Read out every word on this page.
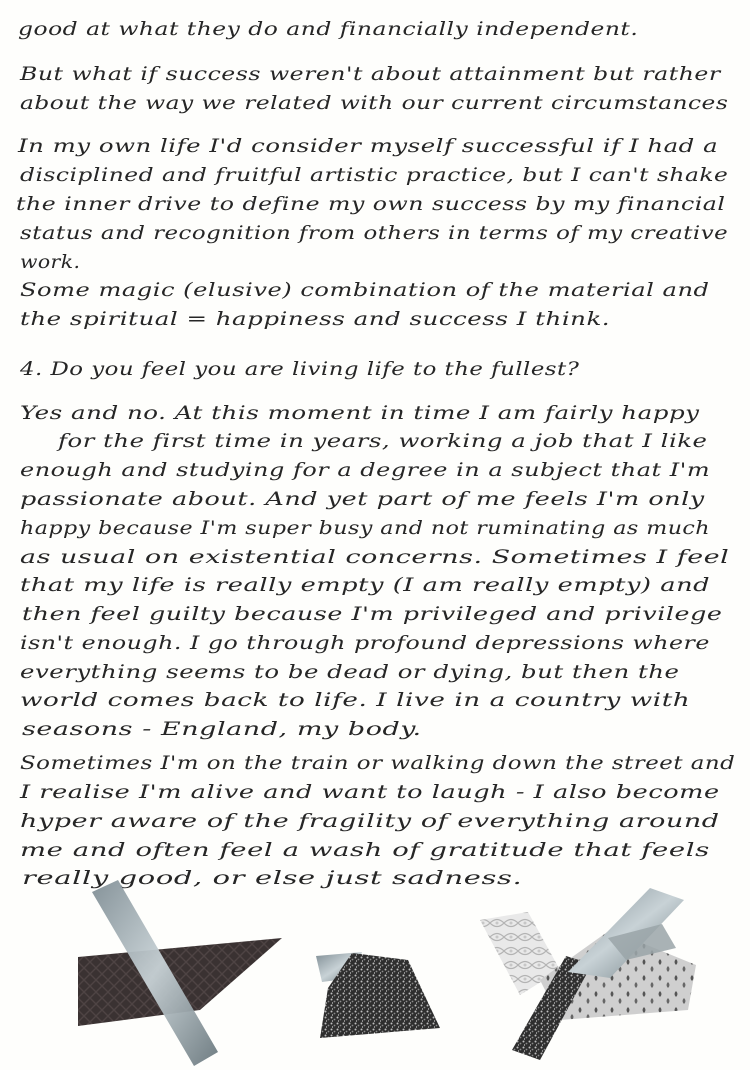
good at what they do and financially independent.
But what if success weren't about attainment but rather
about the way we related with our current circumstances
In my own life I'd consider myself successful if I had a
disciplined and fruitful artistic practice, but I can't shake
the inner drive to define my own success by my financial
status and recognition from others in terms of my creative
work.
Some magic (elusive) combination of the material and
the spiritual = happiness and success I think.
4. Do you feel you are living life to the fullest?
Yes and no. At this moment in time I am fairly happy
for the first time in years, working a job that I like
enough and studying for a degree in a subject that I'm
passionate about. And yet part of me feels I'm only
happy because I'm super busy and not ruminating as much
as usual on existential concerns. Sometimes I feel
that my life is really empty (I am really empty) and
then feel guilty because I'm privileged and privilege
isn't enough. I go through profound depressions where
everything seems to be dead or dying, but then the
world comes back to life. I live in a country with
seasons - England, my body.
Sometimes I'm on the train or walking down the street and
I realise I'm alive and want to laugh - I also become
hyper aware of the fragility of everything around
me and often feel a wash of gratitude that feels
really good, or else just sadness.
